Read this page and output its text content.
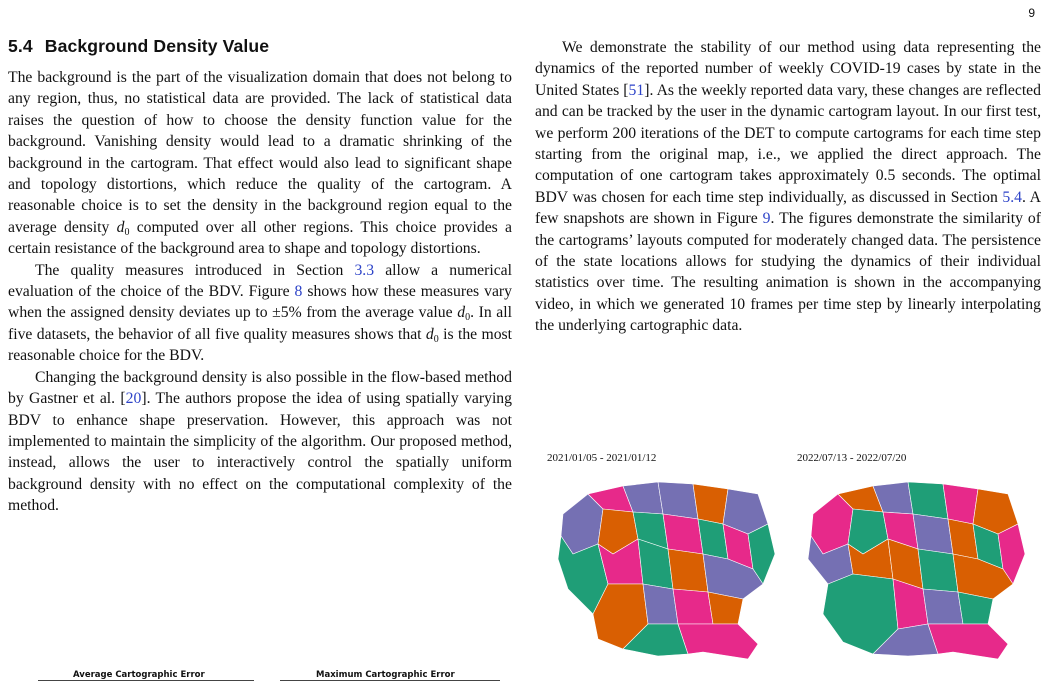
9
5.4 Background Density Value

The background is the part of the visualization domain that does not belong to any region, thus, no statistical data are provided. The lack of statistical data raises the question of how to choose the density function value for the background. Vanishing density would lead to a dramatic shrinking of the background in the cartogram. That effect would also lead to significant shape and topology distortions, which reduce the quality of the cartogram. A reasonable choice is to set the density in the background region equal to the average density $d_0$ computed over all other regions. This choice provides a certain resistance of the background area to shape and topology distortions.

The quality measures introduced in Section 3.3 allow a numerical evaluation of the choice of the BDV. Figure 8 shows how these measures vary when the assigned density deviates up to ±5% from the average value $d_0$. In all five datasets, the behavior of all five quality measures shows that $d_0$ is the most reasonable choice for the BDV.

Changing the background density is also possible in the flow-based method by Gastner et al. [20]. The authors propose the idea of using spatially varying BDV to enhance shape preservation. However, this approach was not implemented to maintain the simplicity of the algorithm. Our proposed method, instead, allows the user to interactively control the spatially uniform background density with no effect on the computational complexity of the method.

We demonstrate the stability of our method using data representing the dynamics of the reported number of weekly COVID-19 cases by state in the United States [51]. As the weekly reported data vary, these changes are reflected and can be tracked by the user in the dynamic cartogram layout. In our first test, we perform 200 iterations of the DET to compute cartograms for each time step starting from the original map, i.e., we applied the direct approach. The computation of one cartogram takes approximately 0.5 seconds. The optimal BDV was chosen for each time step individually, as discussed in Section 5.4. A few snapshots are shown in Figure 9. The figures demonstrate the similarity of the cartograms’ layouts computed for moderately changed data. The persistence of the state locations allows for studying the dynamics of their individual statistics over time. The resulting animation is shown in the accompanying video, in which we generated 10 frames per time step by linearly interpolating the underlying cartographic data.

2021/01/05 - 2021/01/12	2022/07/13 - 2022/07/20
Average Cartographic Error	Maximum Cartographic Error
